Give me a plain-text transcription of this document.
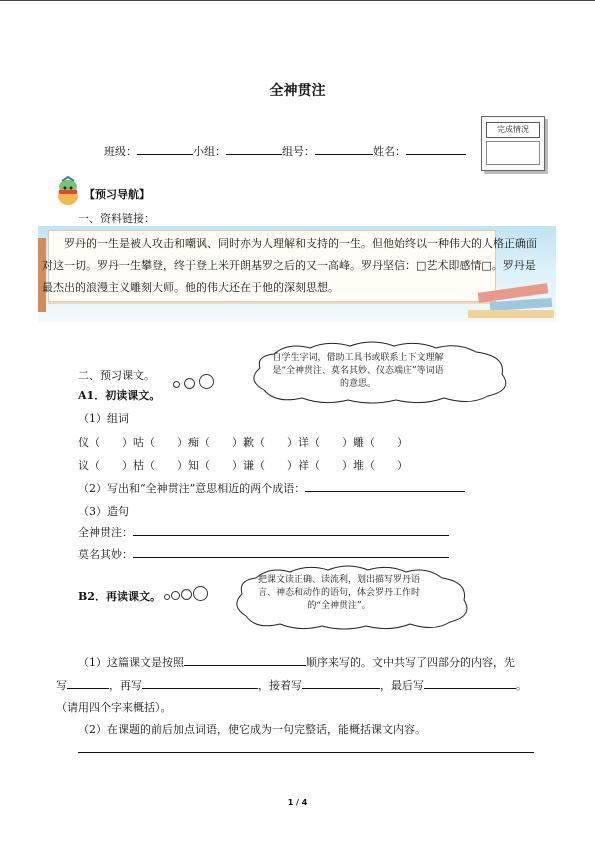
全神贯注
班级：	小组：	组号：	姓名：
完成情况
【预习导航】
一、资料链接：
罗丹的一生是被人攻击和嘲讽、同时亦为人理解和支持的一生。但他始终以一种伟大的人格正确面对这一切。罗丹一生攀登，终于登上米开朗基罗之后的又一高峰。罗丹坚信：□艺术即感情□。罗丹是最杰出的浪漫主义雕刻大师。他的伟大还在于他的深刻思想。
自学生字词，借助工具书或联系上下文理解是“全神贯注、莫名其妙、仪态端庄”等词语的意思。
二、预习课文。
A1．初读课文。
（1）组词
仪（ ）咕（ ）痴（ ）歉（ ）详（ ）雕（ ）
议（ ）枯（ ）知（ ）谦（ ）祥（ ）堆（ ）
（2）写出和“全神贯注”意思相近的两个成语：
（3）造句
全神贯注：
莫名其妙：
把课文读正确、读流利，划出描写罗丹语言、神态和动作的语句，体会罗丹工作时的“全神贯注”。
B2．再读课文。
（1）这篇课文是按照	顺序来写的。文中共写了四部分的内容，先
写	，再写	，接着写	，最后写	。
（请用四个字来概括）。
（2）在课题的前后加点词语，使它成为一句完整话，能概括课文内容。
1 / 4
